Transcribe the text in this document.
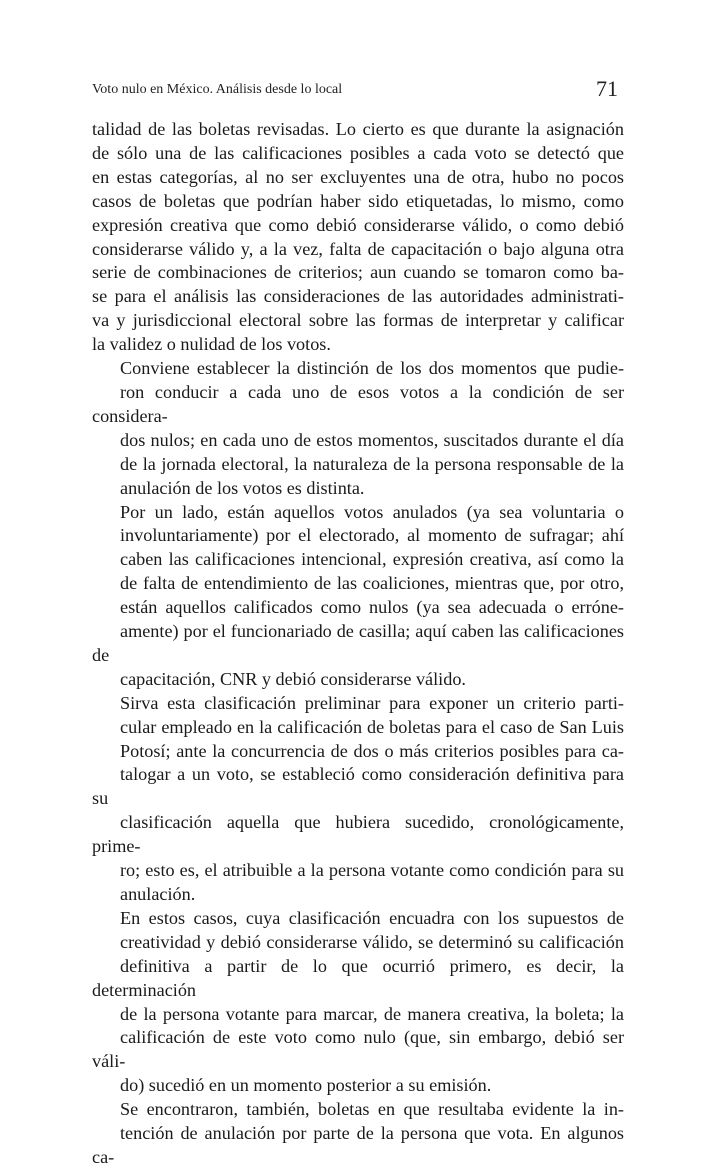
Voto nulo en México. Análisis desde lo local	71

talidad de las boletas revisadas. Lo cierto es que durante la asignación
de sólo una de las calificaciones posibles a cada voto se detectó que
en estas categorías, al no ser excluyentes una de otra, hubo no pocos
casos de boletas que podrían haber sido etiquetadas, lo mismo, como
expresión creativa que como debió considerarse válido, o como debió
considerarse válido y, a la vez, falta de capacitación o bajo alguna otra
serie de combinaciones de criterios; aun cuando se tomaron como ba-
se para el análisis las consideraciones de las autoridades administrati-
va y jurisdiccional electoral sobre las formas de interpretar y calificar
la validez o nulidad de los votos.

Conviene establecer la distinción de los dos momentos que pudie-
ron conducir a cada uno de esos votos a la condición de ser considera-
dos nulos; en cada uno de estos momentos, suscitados durante el día
de la jornada electoral, la naturaleza de la persona responsable de la
anulación de los votos es distinta.

Por un lado, están aquellos votos anulados (ya sea voluntaria o
involuntariamente) por el electorado, al momento de sufragar; ahí
caben las calificaciones intencional, expresión creativa, así como la
de falta de entendimiento de las coaliciones, mientras que, por otro,
están aquellos calificados como nulos (ya sea adecuada o erróne-
amente) por el funcionariado de casilla; aquí caben las calificaciones de
capacitación, CNR y debió considerarse válido.

Sirva esta clasificación preliminar para exponer un criterio parti-
cular empleado en la calificación de boletas para el caso de San Luis
Potosí; ante la concurrencia de dos o más criterios posibles para ca-
talogar a un voto, se estableció como consideración definitiva para su
clasificación aquella que hubiera sucedido, cronológicamente, prime-
ro; esto es, el atribuible a la persona votante como condición para su
anulación.

En estos casos, cuya clasificación encuadra con los supuestos de
creatividad y debió considerarse válido, se determinó su calificación
definitiva a partir de lo que ocurrió primero, es decir, la determinación
de la persona votante para marcar, de manera creativa, la boleta; la
calificación de este voto como nulo (que, sin embargo, debió ser váli-
do) sucedió en un momento posterior a su emisión.

Se encontraron, también, boletas en que resultaba evidente la in-
tención de anulación por parte de la persona que vota. En algunos ca-
